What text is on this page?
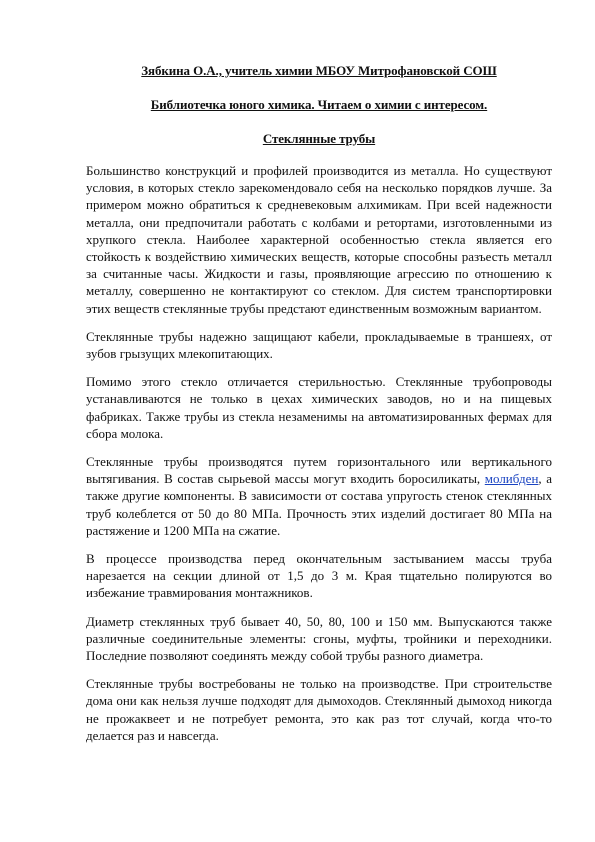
Зябкина О.А., учитель химии МБОУ Митрофановской СОШ

Библиотечка юного химика. Читаем о химии с интересом.

Стеклянные трубы

Большинство конструкций и профилей производится из металла. Но существуют условия, в которых стекло зарекомендовало себя на несколько порядков лучше. За примером можно обратиться к средневековым алхимикам. При всей надежности металла, они предпочитали работать с колбами и ретортами, изготовленными из хрупкого стекла. Наиболее характерной особенностью стекла является его стойкость к воздействию химических веществ, которые способны разъесть металл за считанные часы. Жидкости и газы, проявляющие агрессию по отношению к металлу, совершенно не контактируют со стеклом. Для систем транспортировки этих веществ стеклянные трубы предстают единственным возможным вариантом.

Стеклянные трубы надежно защищают кабели, прокладываемые в траншеях, от зубов грызущих млекопитающих.

Помимо этого стекло отличается стерильностью. Стеклянные трубопроводы устанавливаются не только в цехах химических заводов, но и на пищевых фабриках. Также трубы из стекла незаменимы на автоматизированных фермах для сбора молока.

Стеклянные трубы производятся путем горизонтального или вертикального вытягивания. В состав сырьевой массы могут входить боросиликаты, молибден, а также другие компоненты. В зависимости от состава упругость стенок стеклянных труб колеблется от 50 до 80 МПа. Прочность этих изделий достигает 80 МПа на растяжение и 1200 МПа на сжатие.

В процессе производства перед окончательным застыванием массы труба нарезается на секции длиной от 1,5 до 3 м. Края тщательно полируются во избежание травмирования монтажников.

Диаметр стеклянных труб бывает 40, 50, 80, 100 и 150 мм. Выпускаются также различные соединительные элементы: сгоны, муфты, тройники и переходники. Последние позволяют соединять между собой трубы разного диаметра.

Стеклянные трубы востребованы не только на производстве. При строительстве дома они как нельзя лучше подходят для дымоходов. Стеклянный дымоход никогда не прожаквеет и не потребует ремонта, это как раз тот случай, когда что-то делается раз и навсегда.
